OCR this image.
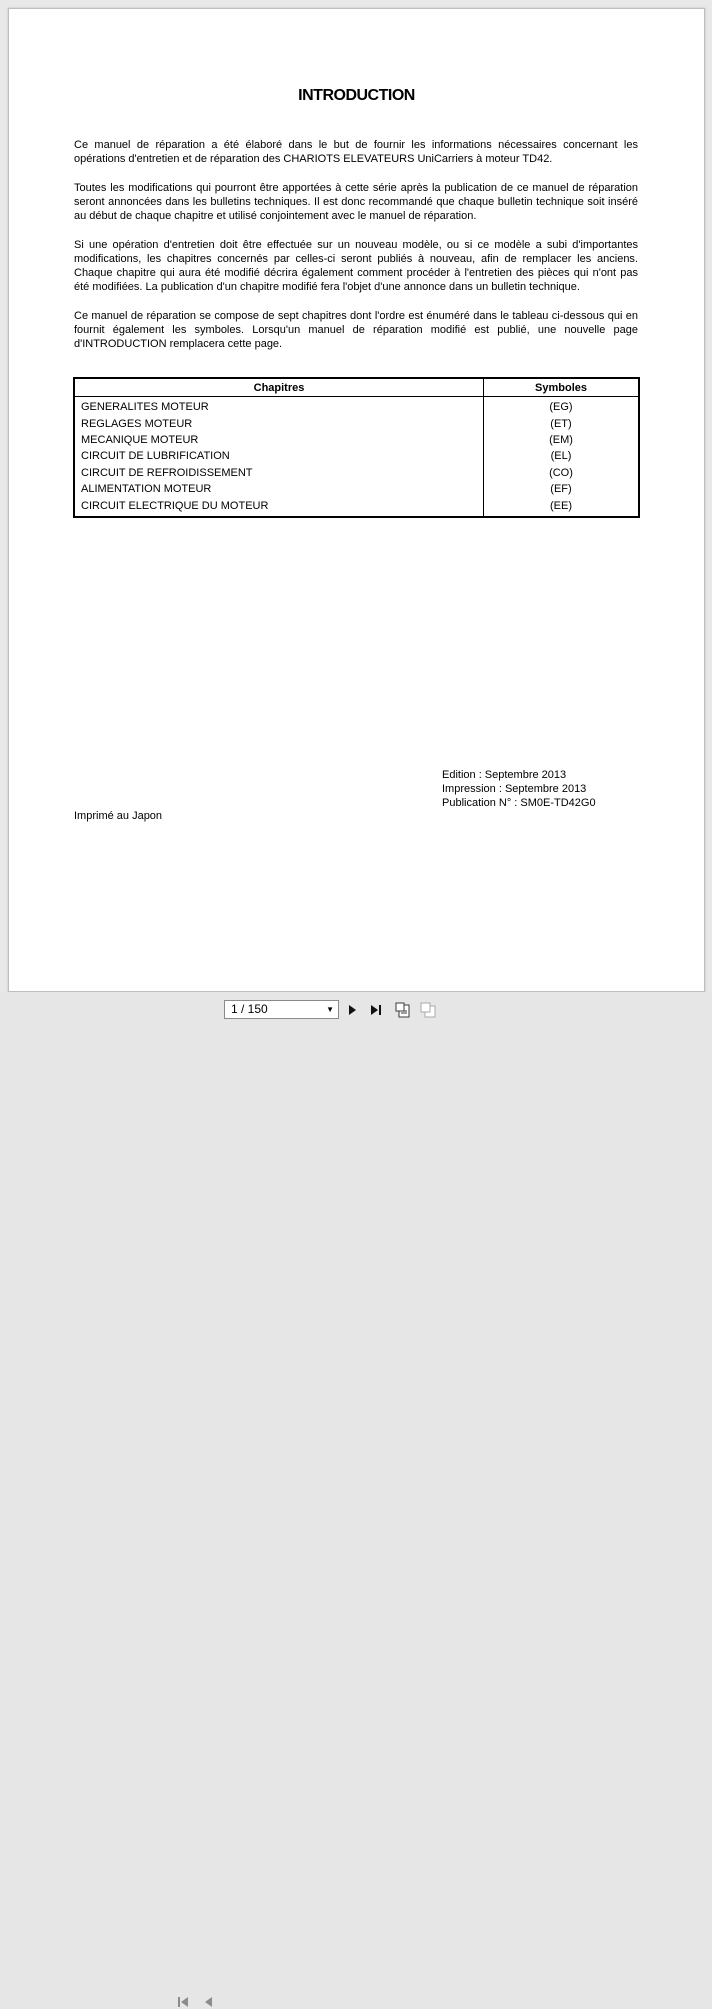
INTRODUCTION

Ce manuel de réparation a été élaboré dans le but de fournir les informations nécessaires concernant les opérations d'entretien et de réparation des CHARIOTS ELEVATEURS UniCarriers à moteur TD42.

Toutes les modifications qui pourront être apportées à cette série après la publication de ce manuel de réparation seront annoncées dans les bulletins techniques. Il est donc recommandé que chaque bulletin technique soit inséré au début de chaque chapitre et utilisé conjointement avec le manuel de réparation.

Si une opération d'entretien doit être effectuée sur un nouveau modèle, ou si ce modèle a subi d'importantes modifications, les chapitres concernés par celles-ci seront publiés à nouveau, afin de remplacer les anciens. Chaque chapitre qui aura été modifié décrira également comment procéder à l'entretien des pièces qui n'ont pas été modifiées. La publication d'un chapitre modifié fera l'objet d'une annonce dans un bulletin technique.

Ce manuel de réparation se compose de sept chapitres dont l'ordre est énuméré dans le tableau ci-dessous qui en fournit également les symboles. Lorsqu'un manuel de réparation modifié est publié, une nouvelle page d'INTRODUCTION remplacera cette page.

Chapitres	Symboles
GENERALITES MOTEUR	(EG)
REGLAGES MOTEUR	(ET)
MECANIQUE MOTEUR	(EM)
CIRCUIT DE LUBRIFICATION	(EL)
CIRCUIT DE REFROIDISSEMENT	(CO)
ALIMENTATION MOTEUR	(EF)
CIRCUIT ELECTRIQUE DU MOTEUR	(EE)
Edition : Septembre 2013
Impression : Septembre 2013
Publication N° : SM0E-TD42G0
Imprimé au Japon
1 / 150	▼
